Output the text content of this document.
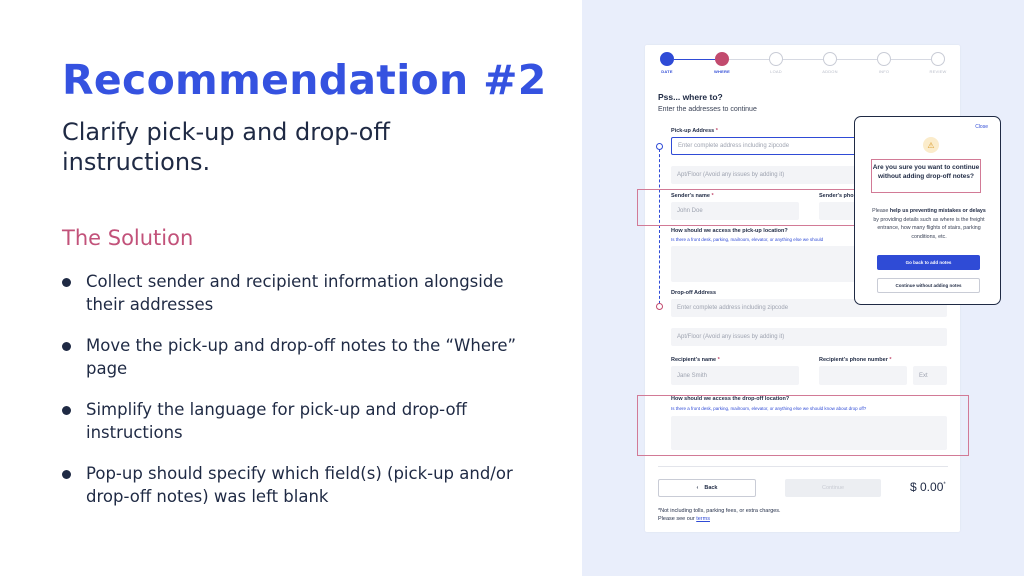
Recommendation #2
Clarify pick-up and drop-off instructions.
The Solution
Collect sender and recipient information alongside their addresses
Move the pick-up and drop-off notes to the “Where” page
Simplify the language for pick-up and drop-off instructions
Pop-up should specify which field(s) (pick-up and/or drop-off notes) was left blank
DATE	WHERE	LOAD	ADDON	INFO	REVIEW
Pss... where to?
Enter the addresses to continue
Pick-up Address *
Enter complete address including zipcode
Apt/Floor (Avoid any issues by adding it)
Sender's name *
John Doe
Sender's pho
How should we access the pick-up location?
Is there a front desk, parking, mailroom, elevator, or anything else we should
Drop-off Address
Enter complete address including zipcode
Apt/Floor (Avoid any issues by adding it)
Recipient's name *
Jane Smith
Recipient's phone number *
Ext
How should we access the drop-off location?
Is there a front desk, parking, mailroom, elevator, or anything else we should know about drop off?
‹ Back	Continue	$ 0.00*
*Not including tolls, parking fees, or extra charges.
Please see our terms
Close
⚠
Are you sure you want to continue without adding drop-off notes?
Please help us preventing mistakes or delays by providing details such as where is the freight entrance, how many flights of stairs, parking conditions, etc.
Go back to add notes
Continue without adding notes
